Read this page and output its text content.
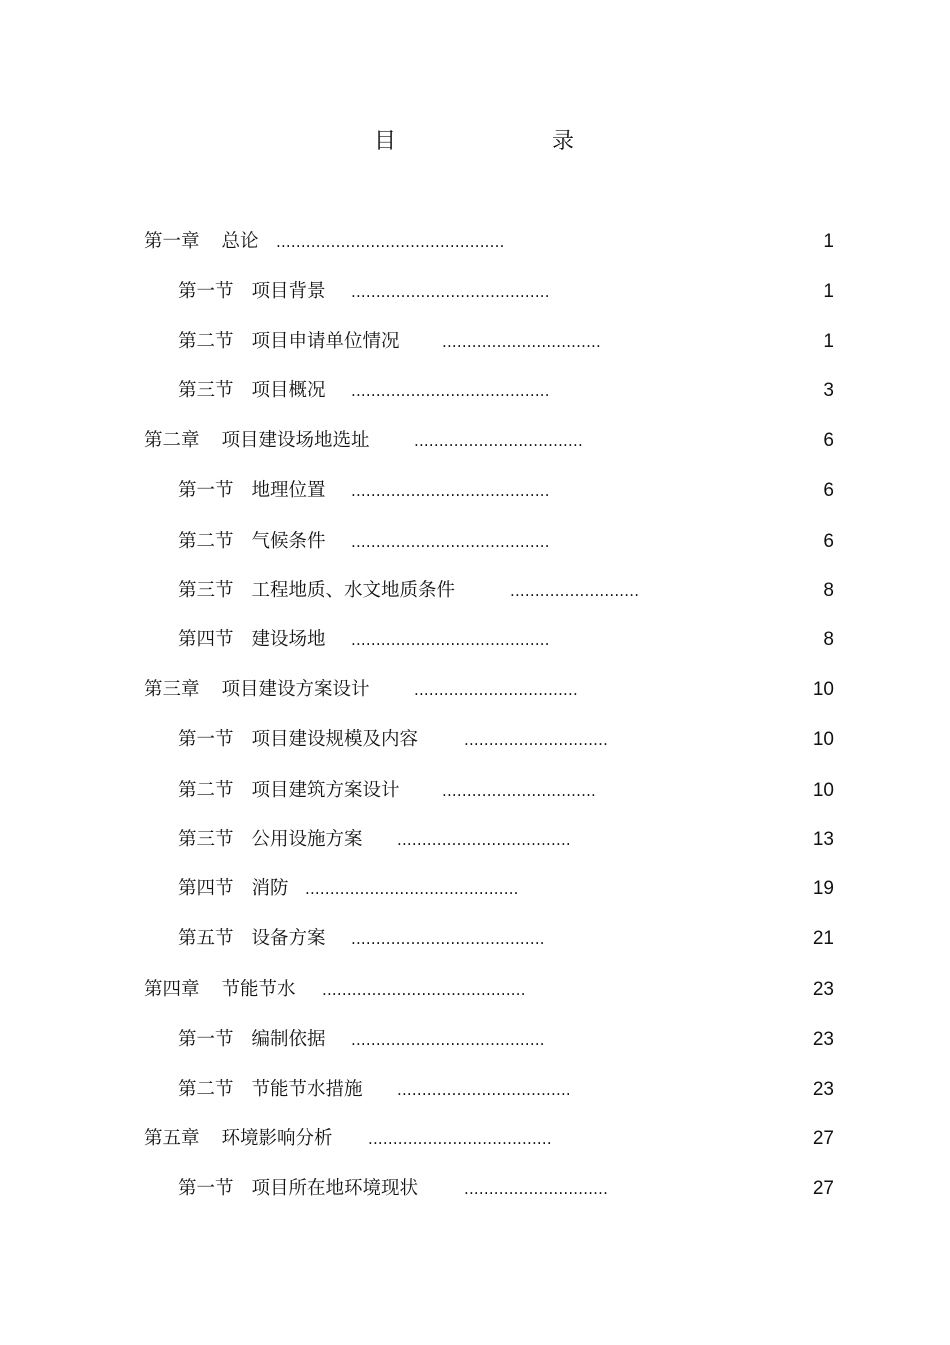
目	录
第一章 总论 ..............................................	1
第一节 项目背景 ........................................	1
第二节 项目申请单位情况	................................	1
第三节 项目概况 ........................................	3
第二章 项目建设场地选址	..................................	6
第一节 地理位置 ........................................	6
第二节 气候条件 ........................................	6
第三节 工程地质、水文地质条件	..........................	8
第四节 建设场地 ........................................	8
第三章 项目建设方案设计	.................................	10
第一节 项目建设规模及内容	.............................	10
第二节 项目建筑方案设计	...............................	10
第三节 公用设施方案 ...................................	13
第四节 消防 ...........................................	19
第五节 设备方案 .......................................	21
第四章 节能节水 .........................................	23
第一节 编制依据 .......................................	23
第二节 节能节水措施 ...................................	23
第五章 环境影响分析 .....................................	27
第一节 项目所在地环境现状	.............................	27
